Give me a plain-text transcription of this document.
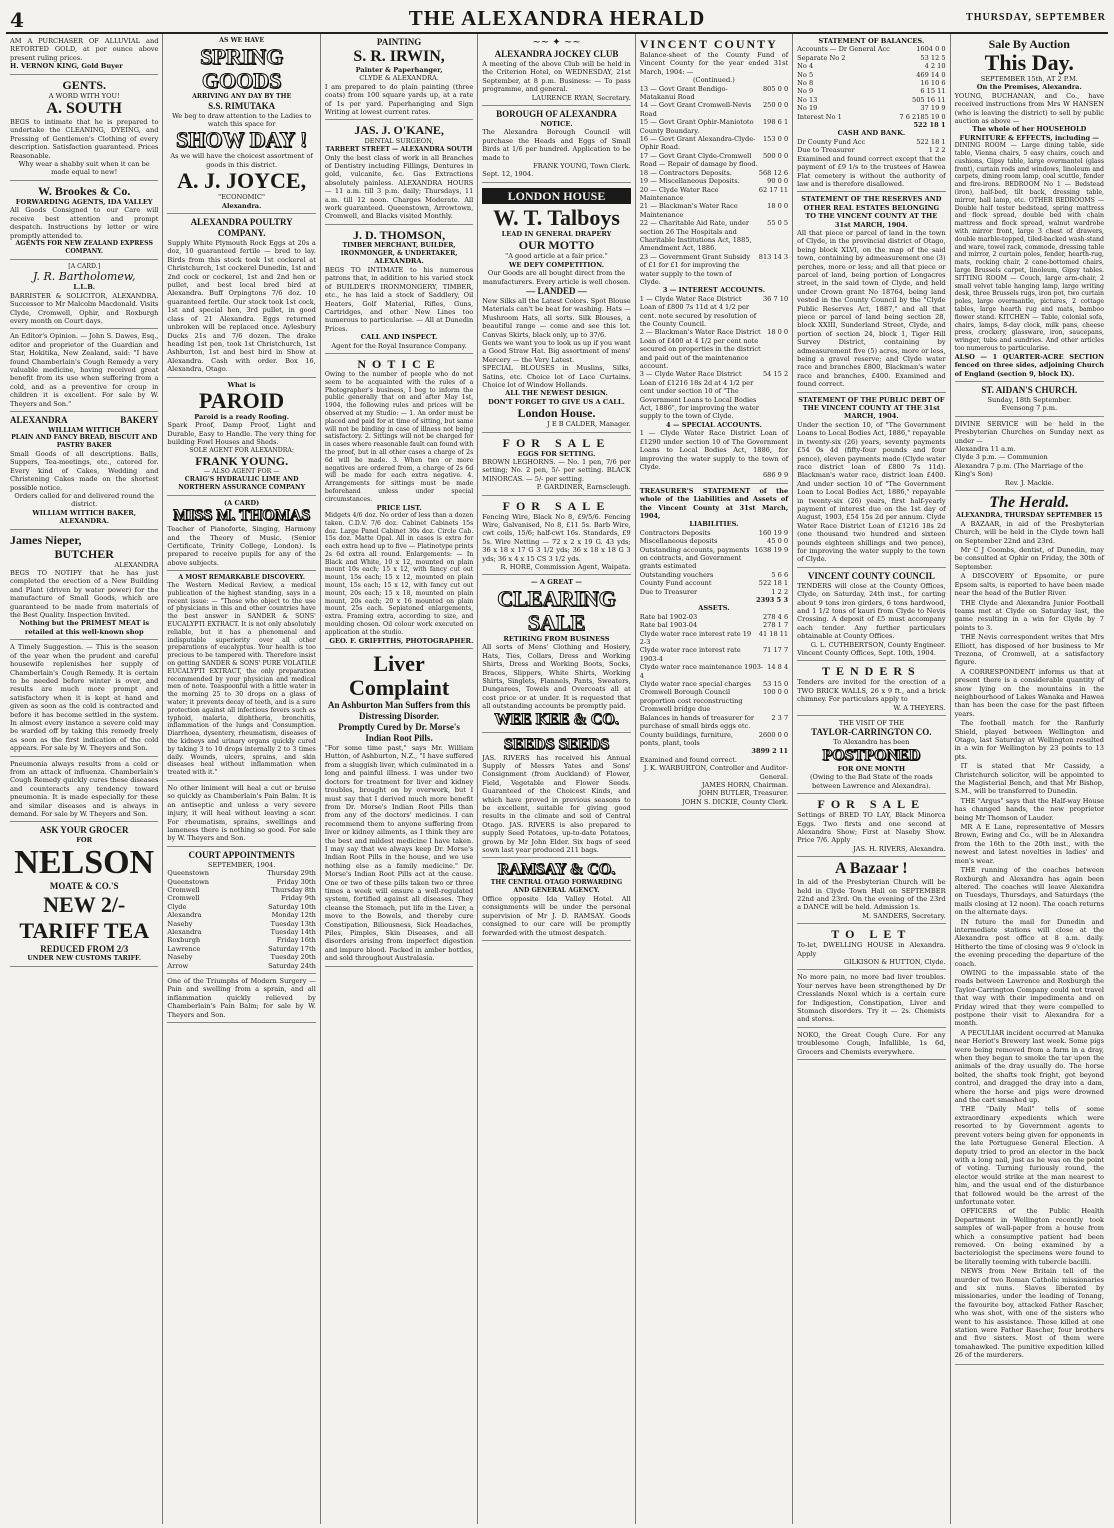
4	THE ALEXANDRA HERALD	THURSDAY, SEPTEMBER
AM A PURCHASER OF ALLUVIAL and RETORTED GOLD, at per ounce above present ruling prices.
H. VERNON KING, Gold Buyer
GENTS.
A WORD WITH YOU!
A. SOUTH
BEGS to intimate that he is prepared to undertake the CLEANING, DYEING, and Pressing of Gentlemen's Clothing of every description. Satisfaction guaranteed. Prices Reasonable.
Why wear a shabby suit when it can be made equal to new!
W. Brookes & Co.
FORWARDING AGENTS, IDA VALLEY
All Goods Consigned to our Care will receive best attention and prompt despatch. Instructions by letter or wire promptly attended to.
AGENTS FOR NEW ZEALAND EXPRESS COMPANY.
[A CARD.]
J. R. Bartholomew,
L.L.B.
BARRISTER & SOLICITOR, ALEXANDRA. Successor to Mr Malcolm Macdonald. Visits Clyde, Cromwell, Ophir, and Roxburgh every month on Court days.
An Editor's Opinion. — John S. Dawes, Esq., editor and proprietor of the Guardian and Star, Hokitika, New Zealand, said: "I have found Chamberlain's Cough Remedy a very valuable medicine, having received great benefit from its use when suffering from a cold, and as a preventive for croup in children it is excellent. For sale by W. Theyers and Son."
ALEXANDRA	BAKERY
WILLIAM WITTICH
PLAIN AND FANCY BREAD, BISCUIT AND PASTRY BAKER
Small Goods of all descriptions. Balls, Suppers, Tea-meetings, etc., catered for. Every kind of Cakes, Wedding and Christening Cakes made on the shortest possible notice.
Orders called for and delivered round the district.
WILLIAM WITTICH BAKER, ALEXANDRA.
James Nieper,
BUTCHER
ALEXANDRA
BEGS TO NOTIFY that he has just completed the erection of a New Building and Plant (driven by water power) for the manufacture of Small Goods, which are guaranteed to be made from materials of the Best Quality. Inspection Invited.
Nothing but the PRIMEST MEAT is retailed at this well-known shop
A Timely Suggestion. — This is the season of the year when the prudent and careful housewife replenishes her supply of Chamberlain's Cough Remedy. It is certain to be needed before winter is over, and results are much more prompt and satisfactory when it is kept at hand and given as soon as the cold is contracted and before it has become settled in the system. In almost every instance a severe cold may be warded off by taking this remedy freely as soon as the first indication of the cold appears. For sale by W. Theyers and Son.
Pneumonia always results from a cold or from an attack of influenza. Chamberlain's Cough Remedy quickly cures these diseases and counteracts any tendency toward pneumonia. It is made especially for these and similar diseases and is always in demand. For sale by W. Theyers and Son.
ASK YOUR GROCER
FOR
NELSON
MOATE & CO.'S
NEW 2/- TARIFF TEA
REDUCED FROM 2/3
UNDER NEW CUSTOMS TARIFF.
AS WE HAVE
SPRING GOODS
ARRIVING ANY DAY BY THE
S.S. RIMUTAKA
We beg to draw attention to the Ladies to watch this space for
SHOW DAY !
As we will have the choicest assortment of goods in this district.
A. J. JOYCE,
"ECONOMIC"
Alexandra.
ALEXANDRA POULTRY COMPANY.
Supply White Plymouth Rock Eggs at 20s a doz, 10 guaranteed fertile — bred to lay. Birds from this stock took 1st cockerel at Christchurch, 1st cockerel Dunedin, 1st and 2nd cock or cockerel, 1st and 2nd hen or pullet, and best local bred bird at Alexandra. Buff Orpingtons 7/6 doz. 10 guaranteed fertile. Our stock took 1st cock, 1st and special hen, 3rd pullet, in good class of 21 Alexandra. Eggs returned unbroken will be replaced once. Aylesbury Ducks 21s and 7/6 dozen. The drake heading 1st pen, took 1st Christchurch, 1st Ashburton, 1st and best bird in Show at Alexandra. Cash with order. Box 16, Alexandra, Otago.
What is
PAROID
Paroid is a ready Roofing.
Spark Proof, Damp Proof, Light and Durable, Easy to Handle. The very thing for building Fowl Houses and Sheds.
SOLE AGENT FOR ALEXANDRA:
FRANK YOUNG.
— ALSO AGENT FOR —
CRAIG'S HYDRAULIC LIME AND NORTHERN ASSURANCE COMPANY
(A CARD)
MISS M. THOMAS
Teacher of Pianoforte, Singing, Harmony and the Theory of Music. (Senior Certificate, Trinity College, London). Is prepared to receive pupils for any of the above subjects.
A MOST REMARKABLE DISCOVERY.
The Western Medical Review, a medical publication of the highest standing, says in a recent issue: — "Those who object to the use of physicians in this and other countries have the best answer in SANDER & SONS' EUCALYPTI EXTRACT. It is not only absolutely reliable, but it has a phenomenal and indisputable superiority over all other preparations of eucalyptus. Your health is too precious to be tampered with. Therefore insist on getting SANDER & SONS' PURE VOLATILE EUCALYPTI EXTRACT, the only preparation recommended by your physician and medical men of note. Teaspoonful with a little water in the morning 25 to 30 drops on a glass of water; it prevents decay of teeth, and is a sure protection against all infectious fevers such as typhoid, malaria, diphtheria, bronchitis, inflammation of the lungs and Consumption. Diarrhoea, dysentery, rheumatism, diseases of the kidneys and urinary organs quickly cured by taking 3 to 10 drops internally 2 to 3 times daily. Wounds, ulcers, sprains, and skin diseases heal without inflammation when treated with it."
No other liniment will heal a cut or bruise so quickly as Chamberlain's Pain Balm. It is an antiseptic and unless a very severe injury, it will heal without leaving a scar. For rheumatism, sprains, swellings and lameness there is nothing so good. For sale by W. Theyers and Son.
COURT APPOINTMENTS
SEPTEMBER, 1904.
Queenstown	Thursday 29th
Queenstown	Friday 30th
Cromwell	Thursday 8th
Cromwell	Friday 9th
Clyde	Saturday 10th
Alexandra	Monday 12th
Naseby	Tuesday 13th
Alexandra	Tuesday 14th
Roxburgh	Friday 16th
Lawrence	Saturday 17th
Naseby	Tuesday 20th
Arrow	Saturday 24th
One of the Triumphs of Modern Surgery — Pain and swelling from a sprain, and all inflammation quickly relieved by Chamberlain's Pain Balm; for sale by W. Theyers and Son.
PAINTING
S. R. IRWIN,
Painter & Paperhanger,
CLYDE & ALEXANDRA.
I am prepared to do plain painting (three coats) from 100 square yards up, at a rate of 1s per yard. Paperhanging and Sign Writing at lowest current rates.
JAS. J. O'KANE,
DENTAL SURGEON,
TARBERT STREET — ALEXANDRA SOUTH
Only the best class of work in all Branches of Dentistry including Fillings, Dentures in gold, vulcanite, &c. Gas Extractions absolutely painless. ALEXANDRA HOURS — 11 a.m. till 3 p.m. daily; Thursdays, 11 a.m. till 12 noon. Charges Moderate. All work guaranteed. Queenstown, Arrowtown, Cromwell, and Blacks visited Monthly.
J. D. THOMSON,
TIMBER MERCHANT, BUILDER, IRONMONGER, & UNDERTAKER,
ALEXANDRA.
BEGS TO INTIMATE to his numerous patrons that, in addition to his varied stock of BUILDER'S IRONMONGERY, TIMBER, etc., he has laid a stock of Saddlery, Oil Heaters, Golf Material, Rifles, Guns, Cartridges, and other New Lines too numerous to particularise. — All at Dunedin Prices.
CALL AND INSPECT.
Agent for the Royal Insurance Company.
NOTICE
Owing to the number of people who do not seem to be acquainted with the rules of a Photographer's business, I beg to inform the public generally that on and after May 1st, 1904, the following rules and prices will be observed at my Studio: — 1. An order must be placed and paid for at time of sitting, but same will not be binding in case of illness not being satisfactory. 2. Sittings will not be charged for in cases where reasonable fault can found with the proof, but in all other cases a charge of 2s 6d will be made. 3. When two or more negatives are ordered from, a charge of 2s 6d will be made for each extra negative. 4. Arrangements for sittings must be made beforehand unless under special circumstances.
PRICE LIST.
Midgets 4/6 doz. No order of less than a dozen taken. C.D.V. 7/6 doz. Cabinet Cabinets 15s doz. Large Panel Cabinet 30s doz. Circle Cab. 15s doz. Matte Opal. All in cases is extra for each extra head up to five — Platinotype prints 2s 6d extra all round. Enlargements: — In Black and White, 10 x 12, mounted on plain mount 10s each; 15 x 12, with fancy cut out mount, 15s each; 15 x 12, mounted on plain mount, 15s each; 15 x 12, with fancy cut out mount, 20s each; 15 x 18, mounted on plain mount, 20s each; 20 x 16 mounted on plain mount, 25s each. Sepiatoned enlargements, extra. Framing extra, according to size, and moulding chosen. Oil colour work executed on application at the studio.
GEO. F. GRIFFITHS, PHOTOGRAPHER.
Liver Complaint
An Ashburton Man Suffers from this Distressing Disorder.
Promptly Cured by Dr. Morse's Indian Root Pills.
"For some time past," says Mr. William Hutton, of Ashburton, N.Z., "I have suffered from a sluggish liver, which culminated in a long and painful illness. I was under two doctors for treatment for liver and kidney troubles, brought on by overwork, but I must say that I derived much more benefit from Dr. Morse's Indian Root Pills than from any of the doctors' medicines. I can recommend them to anyone suffering from liver or kidney ailments, as I think they are the best and mildest medicine I have taken. I may say that we always keep Dr. Morse's Indian Root Pills in the house, and we use nothing else as a family medicine." Dr. Morse's Indian Root Pills act at the cause. One or two of these pills taken two or three times a week will ensure a well-regulated system, fortified against all diseases. They cleanse the Stomach, put life in the Liver, a move to the Bowels, and thereby cure Constipation, Biliousness, Sick Headaches, Piles, Pimples, Skin Diseases, and all disorders arising from imperfect digestion and impure blood. Packed in amber bottles, and sold throughout Australasia.
~~ ✦ ~~
ALEXANDRA JOCKEY CLUB
A meeting of the above Club will be held in the Criterion Hotel, on WEDNESDAY, 21st September, at 8 p.m. Business: — To pass programme, and general.
LAURENCE RYAN, Secretary.
BOROUGH OF ALEXANDRA
NOTICE.
The Alexandra Borough Council will purchase the Heads and Eggs of Small Birds at 1/6 per hundred. Application to be made to
FRANK YOUNG, Town Clerk.
Sept. 12, 1904.
LONDON HOUSE
W. T. Talboys
LEAD IN GENERAL DRAPERY
OUR MOTTO
"A good article at a fair price."
WE DEFY COMPETITION.
Our Goods are all bought direct from the manufacturers. Every article is well chosen.
— LANDED —
New Silks all the Latest Colors. Spot Blouse Materials can't be beat for washing. Hats — Mushroom Hats, all sorts. Silk Blouses, a beautiful range — come and see this lot. Canvas Skirts, black only, up to 37/6.
Gents we want you to look us up if you want a Good Straw Hat. Big assortment of mens' Mercery — the Very Latest.
SPECIAL BLOUSES in Muslins, Silks, Satins, etc. Choice lot of Lace Curtains. Choice lot of Window Hollands.
ALL THE NEWEST DESIGN.
DON'T FORGET TO GIVE US A CALL.
London House.
J E B CALDER, Manager.
FOR SALE
EGGS FOR SETTING.
BROWN LEGHORNS. — No. 1 pen, 7/6 per setting; No. 2 pen, 5/- per setting. BLACK MINORCAS. — 5/- per setting.
P. GARDINER, Earnscleugh.
FOR SALE
Fencing Wire, Black No 8, £9/5/6. Fencing Wire, Galvanised, No 8, £11 5s. Barb Wire, cwt coils, 15/6; half-cwt 16s. Standards, £9 5s. Wire Netting — 72 x 2 x 19 G. 43 yds; 36 x 18 x 17 G 3 1/2 yds; 36 x 18 x 18 G 3 yds; 36 x 4 x 15 CS 3 1/2 yds.
R. HORE, Commission Agent, Waipata.
— A GREAT —
CLEARING SALE
RETIRING FROM BUSINESS
All sorts of Mens' Clothing and Hosiery, Hats, Ties, Collars, Dress and Working Shirts, Dress and Working Boots, Socks, Braces, Slippers, White Shirts, Working Shirts, Singlets, Flannels, Pants, Sweaters, Dungarees, Towels and Overcoats all at cost price or at under. It is requested that all outstanding accounts be promptly paid.
WEE KEE & CO.
SEEDS SEEDS
JAS. RIVERS has received his Annual Supply of Messrs Yates and Sons' Consignment (from Auckland) of Flower, Field, Vegetable and Flower Seeds. Guaranteed of the Choicest Kinds, and which have proved in previous seasons to be excellent, suitable for giving good results in the climate and soil of Central Otago. JAS. RIVERS is also prepared to supply Seed Potatoes, up-to-date Potatoes, grown by Mr John Elder. Six bags of seed sown last year produced 211 bags.
RAMSAY & CO.
THE CENTRAL OTAGO FORWARDING AND GENERAL AGENCY.
Office opposite Ida Valley Hotel. All consignments will be under the personal supervision of Mr J. D. RAMSAY. Goods consigned to our care will be promptly forwarded with the utmost despatch.
VINCENT COUNTY
Balance-sheet of the County Fund of Vincent County for the year ended 31st March, 1904: —
(Continued.)
13 — Govt Grant Bendigo-Matakanui Road
805 0 0
14 — Govt Grant Cromwell-Nevis Road
250 0 0
15 — Govt Grant Ophir-Maniototo County Boundary.
198 6 1
16 — Govt Grant Alexandra-Clyde-Ophir Road.
153 0 0
17 — Govt Grant Clyde-Cromwell Road — Repair of damage by flood.
500 0 0
18 — Contractors Deposits.	568 12 6
19 — Miscellaneous Deposits.	90 0 0
20 — Clyde Water Race Maintenance
62 17 11
21 — Blackman's Water Race Maintenance
18 0 0
22 — Charitable Aid Rate, under section 26 The Hospitals and Charitable Institutions Act, 1885, Amendment Act, 1886.
55 0 5
23 — Government Grant Subsidy of £1 for £1 for improving the water supply to the town of Clyde.
813 14 3
3 — INTEREST ACCOUNTS.
1 — Clyde Water Race District Loan of £800 7s 11d at 4 1/2 per cent. note secured by resolution of the County Council.
36 7 10
2 — Blackman's Water Race District Loan of £400 at 4 1/2 per cent note secured on properties in the district and paid out of the maintenance account.
18 0 0
3 — Clyde Water Race District Loan of £1216 18s 2d at 4 1/2 per cent under section 10 of "The Government Loans to Local Bodies Act, 1886", for improving the water supply to the town of Clyde.
54 15 2
4 — SPECIAL ACCOUNTS.
1 — Clyde Water Race District Loan of £1290 under section 10 of The Government Loans to Local Bodies Act, 1886, for improving the water supply to the town of Clyde.
686 9 9
TREASURER'S STATEMENT of the whole of the Liabilities and Assets of the Vincent County at 31st March, 1904,
LIABILITIES.
Contractors Deposits	160 19 9
Miscellaneous deposits	45 0 0
Outstanding accounts, payments on contracts, and Government grants estimated
1638 19 9
Outstanding vouchers	5 6 6
County Fund account	522 18 1
Due to Treasurer	1 2 2
2393 5 3
ASSETS.
Rate bal 1902-03	278 4 6
Rate bal 1903-04	278 1 7
Clyde water race interest rate 19 2-3
41 18 11
Clyde water race interest rate 1903-4
71 17 7
Clyde water race maintenance 1903-4
14 8 4
Clyde water race special charges	53 15 0
Cromwell Borough Council proportion cost reconstructing Cromwell bridge due
100 0 0
Balances in hands of treasurer for purchase of small birds eggs etc.
2 3 7
County buildings, furniture, ponts, plant, tools
2600 0 0
3899 2 11
Examined and found correct.
J. K. WARBURTON, Controller and Auditor-General.
JAMES HORN, Chairman.
JOHN BUTLER, Treasurer.
JOHN S. DICKIE, County Clerk.
STATEMENT OF BALANCES.
Accounts — Dr General Acc	1604 0 0
Separate No 2	53 12 5
No 4	4 2 10
No 5	469 14 0
No 8	16 10 6
No 9	6 15 11
No 13	505 16 11
No 19	37 19 9
Interest No 1	7 6 2185 19 0
522 18 1
CASH AND BANK.
Dr County Fund Acc	522 18 1
Due to Treasurer	1 2 2
Examined and found correct except that the payment of £9 1/s to the trustees of Hawea Flat cemetery is without the authority of law and is therefore disallowed.
STATEMENT OF THE RESERVES AND OTHER REAL ESTATES BELONGING TO THE VINCENT COUNTY AT THE 31st MARCH, 1904.
All that piece or parcel of land in the town of Clyde, in the provincial district of Otago, being block XLVI, on the map of the said town, containing by admeasurement one (3) perches, more or less; and all that piece or parcel of land, being portion of Longacres street, in the said town of Clyde, and held under Crown grant No 18764, being land vested in the County Council by the "Clyde Public Reserves Act, 1887," and all that piece or parcel of land being section 28, block XXIII, Sunderland Street, Clyde, and portion of section 24, block 1, Tiger Hill Survey District, containing by admeasurement five (5) acres, more or less, being a gravel reserve; and Clyde water race and branches £800, Blackman's water race and branches, £400. Examined and found correct.
STATEMENT OF THE PUBLIC DEBT OF THE VINCENT COUNTY AT THE 31st MARCH, 1904.
Under the section 10, of "The Government Loans to Local Bodies Act, 1886," repayable in twenty-six (26) years, seventy payments £54 0s 4d (fifty-four pounds and four pence), eleven payments made (Clyde water race district loan of £800 7s 11d). Blackman's water race, district loan £400. And under section 10 of "The Government Loan to Local Bodies Act, 1886," repayable in twenty-six (26) years, first half-yearly payment of interest due on the 1st day of August, 1903, £54 15s 2d per annum. Clyde Water Race District Loan of £1216 18s 2d (one thousand two hundred and sixteen pounds eighteen shillings and two pence), for improving the water supply to the town of Clyde.
VINCENT COUNTY COUNCIL
TENDERS will close at the County Offices, Clyde, on Saturday, 24th inst., for carting about 9 tons iron girders, 6 tons hardwood, and 1 1/2 tons of kauri from Clyde to Nevis Crossing. A deposit of £5 must accompany each tender. Any further particulars obtainable at County Offices.
G. L. CUTHBERTSON, County Engineer.
Vincent County Offices, Sept. 10th, 1904.
TENDERS
Tenders are invited for the erection of a TWO BRICK WALLS, 26 x 9 ft., and a brick chimney. For particulars apply to
W. A THEYERS.
THE VISIT OF THE
TAYLOR-CARRINGTON CO.
To Alexandra has been
POSTPONED
FOR ONE MONTH
(Owing to the Bad State of the roads between Lawrence and Alexandra).
FOR SALE
Settings of BRED TO LAY, Black Minorca Eggs. Two firsts and one second at Alexandra Show; First at Naseby Show. Price 7/6. Apply
JAS. H. RIVERS, Alexandra.
A Bazaar !
In aid of the Presbyterian Church will be held in Clyde Town Hall on SEPTEMBER 22nd and 23rd. On the evening of the 23rd a DANCE will be held. Admission 1s.
M. SANDERS, Secretary.
TO LET
To-let, DWELLING HOUSE in Alexandra. Apply
GILKISON & HUTTON, Clyde.
No more pain, no more bad liver troubles. Your nerves have been strengthened by Dr Cresslands Noxol which is a certain cure for Indigestion, Constipation, Liver and Stomach disorders. Try it — 2s. Chemists and stores.
NOKO, the Great Cough Cure. For any troublesome Cough, Infallible, 1s 6d, Grocers and Chemists everywhere.
Sale By Auction
This Day.
SEPTEMBER 15th, AT 2 P.M.
On the Premises, Alexandra.
YOUNG, BUCHANAN, and Co., have received instructions from Mrs W HANSEN (who is leaving the district) to sell by public auction as above —
The whole of her HOUSEHOLD FURNITURE & EFFECTS, including —
DINING ROOM — Large dining table, side table, Vienna chairs, 5 easy chairs, couch and cushions, Gipsy table, large overmantel (glass front), curtain rods and windows, linoleum and carpets, dining room lamp, coal scuttle, fender and fire-irons. BEDROOM No 1 — Bedstead (iron), half-bed, tilt back, dressing table, mirror, hall lamp, etc. OTHER BEDROOMS — Double half tester bedstead, spring mattress and flock spread, double bed with chain mattress and flock spread, walnut wardrobe with mirror front, large 3 chest of drawers, double marble-topped, tiled-backed wash-stand and ware, towel rack, commode, dressing table and mirror, 2 curtain poles, fender, hearth-rug, mats, rocking chair, 2 cane-bottomed chairs, large Brussels carpet, linoleum, Gipsy tables. SITTING ROOM — Couch, large arm-chair, 2 small velvet table hanging lamp, large writing desk, three Brussels rugs, iron pot, two curtain poles, large overmantle, pictures, 2 cottage tables, large hearth rug and mats, bamboo flower stand. KITCHEN — Table, colonial sofa, chairs, lamps, 8-day clock, milk pans, cheese press, crockery, glassware, iron, saucepans, wringer, tubs and sundries. And other articles too numerous to particularise.
ALSO — 1 QUARTER-ACRE SECTION fenced on three sides, adjoining Church of England (section 9, block IX).
ST. AIDAN'S CHURCH.
Sunday, 18th September.
Evensong 7 p.m.
DIVINE SERVICE will be held in the Presbyterian Churches on Sunday next as under —
Alexandra 11 a.m.
Clyde 3 p.m. — Communion
Alexandra 7 p.m. (The Marriage of the King's Son)
Rev. J. Mackie.
The Herald.
ALEXANDRA, THURSDAY SEPTEMBER 15
A BAZAAR, in aid of the Presbyterian Church, will be held in the Clyde town hall on September 22nd and 23rd.
Mr C J Coombs, dentist, of Dunedin, may be consulted at Ophir on Friday, the 30th of September.
A DISCOVERY of Epsomite, or pure Epsom salts, is reported to have been made near the head of the Butler River.
THE Clyde and Alexandra Junior Football teams met at Clyde on Saturday last, the game resulting in a win for Clyde by 7 points to 3.
THE Nevis correspondent writes that Mrs Elliott, has disposed of her business to Mr Trezona, of Cromwell, at a satisfactory figure.
A CORRESPONDENT informs us that at present there is a considerable quantity of snow lying on the mountains in the neighbourhood of Lakes Wanaka and Hawea than has been the case for the past fifteen years.
The football match for the Ranfurly Shield, played between Wellington and Otago, last Saturday at Wellington resulted in a win for Wellington by 23 points to 13 pts.
IT is stated that Mr Cassidy, a Christchurch solicitor, will be appointed to the Magisterial Bench, and that Mr Bishop, S.M., will be transferred to Dunedin.
THE "Argus" says that the Half-way House has changed hands, the new proprietor being Mr Thomson of Lauder.
MR A E Lane, representative of Messrs Brown, Ewing and Co., will be in Alexandra from the 16th to the 20th inst., with the newest and latest novelties in ladies' and men's wear.
THE running of the coaches between Roxburgh and Alexandra has again been altered. The coaches will leave Alexandra on Tuesdays, Thursdays, and Saturdays (the mails closing at 12 noon). The coach returns on the alternate days.
IN future the mail for Dunedin and intermediate stations will close at the Alexandra post office at 8 a.m. daily. Hitherto the time of closing was 9 o'clock in the evening preceding the departure of the coach.
OWING to the impassable state of the roads between Lawrence and Roxburgh the Taylor-Carrington Company could not travel that way with their impedimenta and on Friday wired that they were compelled to postpone their visit to Alexandra for a month.
A PECULIAR incident occurred at Manuka near Heriot's Brewery last week. Some pigs were being removed from a farm in a dray, when they began to smoke the tar upon the animals of the dray usually do. The horse bolted, the shafts took fright, got beyond control, and dragged the dray into a dam, where the horse and pigs were drowned and the cart smashed up.
THE "Daily Mail" tells of some extraordinary expedients which were resorted to by Government agents to prevent voters being given for opponents in the late Portuguese General Election. A deputy tried to prod an elector in the back with a long nail, just as he was on the point of voting. Turning furiously round, the elector would strike at the man nearest to him, and the usual end of the disturbance that followed would be the arrest of the unfortunate voter.
OFFICERS of the Public Health Department in Wellington recently took samples of wall-paper from a house from which a consumptive patient had been removed. On being examined by a bacteriologist the specimens were found to be literally teeming with tubercle bacilli.
NEWS from New Britain tell of the murder of two Roman Catholic missionaries and six nuns. Slaves liberated by missionaries, under the leading of Tonang, the favourite boy, attacked Father Rascher, who was shot, with one of the sisters who went to his assistance. Those killed at one station were Father Rascher, four brothers and five sisters. Most of them were tomahawked. The punitive expedition killed 26 of the murderers.
